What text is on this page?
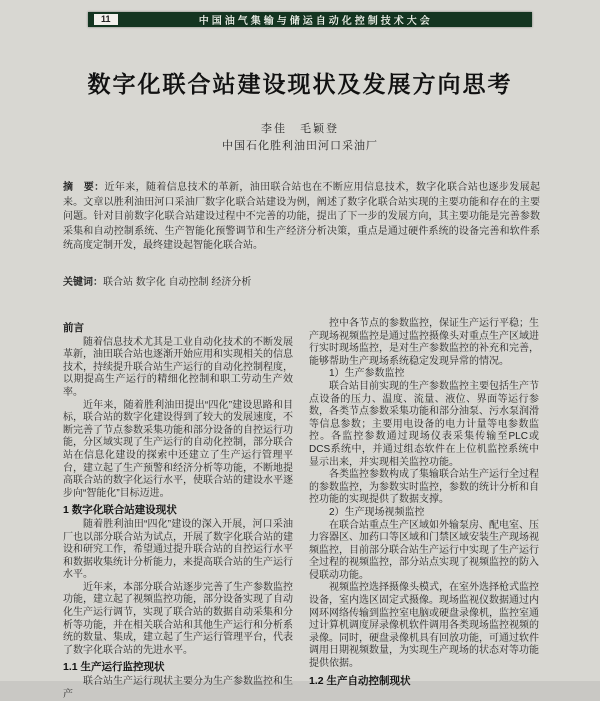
11	中国油气集输与储运自动化控制技术大会
数字化联合站建设现状及发展方向思考
李佳　毛颖登
中国石化胜利油田河口采油厂

摘　要：近年来，随着信息技术的革新，油田联合站也在不断应用信息技术，数字化联合站也逐步发展起来。文章以胜利油田河口采油厂数字化联合站建设为例，阐述了数字化联合站实现的主要功能和存在的主要问题。针对目前数字化联合站建设过程中不完善的功能，提出了下一步的发展方向，其主要功能是完善参数采集和自动控制系统、生产智能化预警调节和生产经济分析决策，重点是通过硬件系统的设备完善和软件系统高度定制开发，最终建设起智能化联合站。

关键词：联合站 数字化 自动控制 经济分析

前言

随着信息技术尤其是工业自动化技术的不断发展革新，油田联合站也逐渐开始应用和实现相关的信息技术，持续提升联合站生产运行的自动化控制程度，以期提高生产运行的精细化控制和职工劳动生产效率。

近年来，随着胜利油田提出“四化”建设思路和目标，联合站的数字化建设得到了较大的发展速度，不断完善了节点参数采集功能和部分设备的自控运行功能，分区域实现了生产运行的自动化控制，部分联合站在信息化建设的探索中还建立了生产运行管理平台，建立起了生产预警和经济分析等功能，不断地提高联合站的数字化运行水平，使联合站的建设水平逐步向“智能化”目标迈进。

1 数字化联合站建设现状

随着胜利油田“四化”建设的深入开展，河口采油厂也以部分联合站为试点，开展了数字化联合站的建设和研究工作，希望通过提升联合站的自控运行水平和数据收集统计分析能力，来提高联合站的生产运行水平。

近年来，本部分联合站逐步完善了生产参数监控功能，建立起了视频监控功能，部分设备实现了自动化生产运行调节，实现了联合站的数据自动采集和分析等功能，并在相关联合站和其他生产运行和分析系统的数量、集成，建立起了生产运行管理平台，代表了数字化联合站的先进水平。

1.1 生产运行监控现状

联合站生产运行现状主要分为生产参数监控和生产

控中各节点的参数监控，保证生产运行平稳；生产现场视频监控是通过监控摄像头对重点生产区域进行实时现场监控，是对生产参数监控的补充和完善，能够帮助生产现场系统稳定发现异常的情况。

1）生产参数监控

联合站目前实现的生产参数监控主要包括生产节点设备的压力、温度、流量、液位、界面等运行参数，各类节点参数采集功能和部分油泵、污水泵润滑等信息参数；主要用电设备的电力计量等电参数监控。各监控参数通过现场仪表采集传输至PLC或DCS系统中，并通过组态软件在上位机监控系统中显示出来，并实现相关监控功能。

各类监控参数构成了集输联合站生产运行全过程的参数监控，为参数实时监控，参数的统计分析和自控功能的实现提供了数据支撑。

2）生产现场视频监控

在联合站重点生产区域如外输泵房、配电室、压力容器区、加药口等区域和门禁区域安装生产现场视频监控，目前部分联合站生产运行中实现了生产运行全过程的视频监控，部分站点实现了视频监控的防入侵联动功能。

视频监控选择摄像头模式，在室外选择枪式监控设备，室内选区固定式摄像。现场监视仪数据通过内网环网络传输到监控室电脑或硬盘录像机，监控室通过计算机调度屏录像机软件调用各类现场监控视频的录像。同时，硬盘录像机具有回放功能，可通过软件调用日期视频数量，为实现生产现场的状态对等功能提供依据。

1.2 生产自动控制现状
